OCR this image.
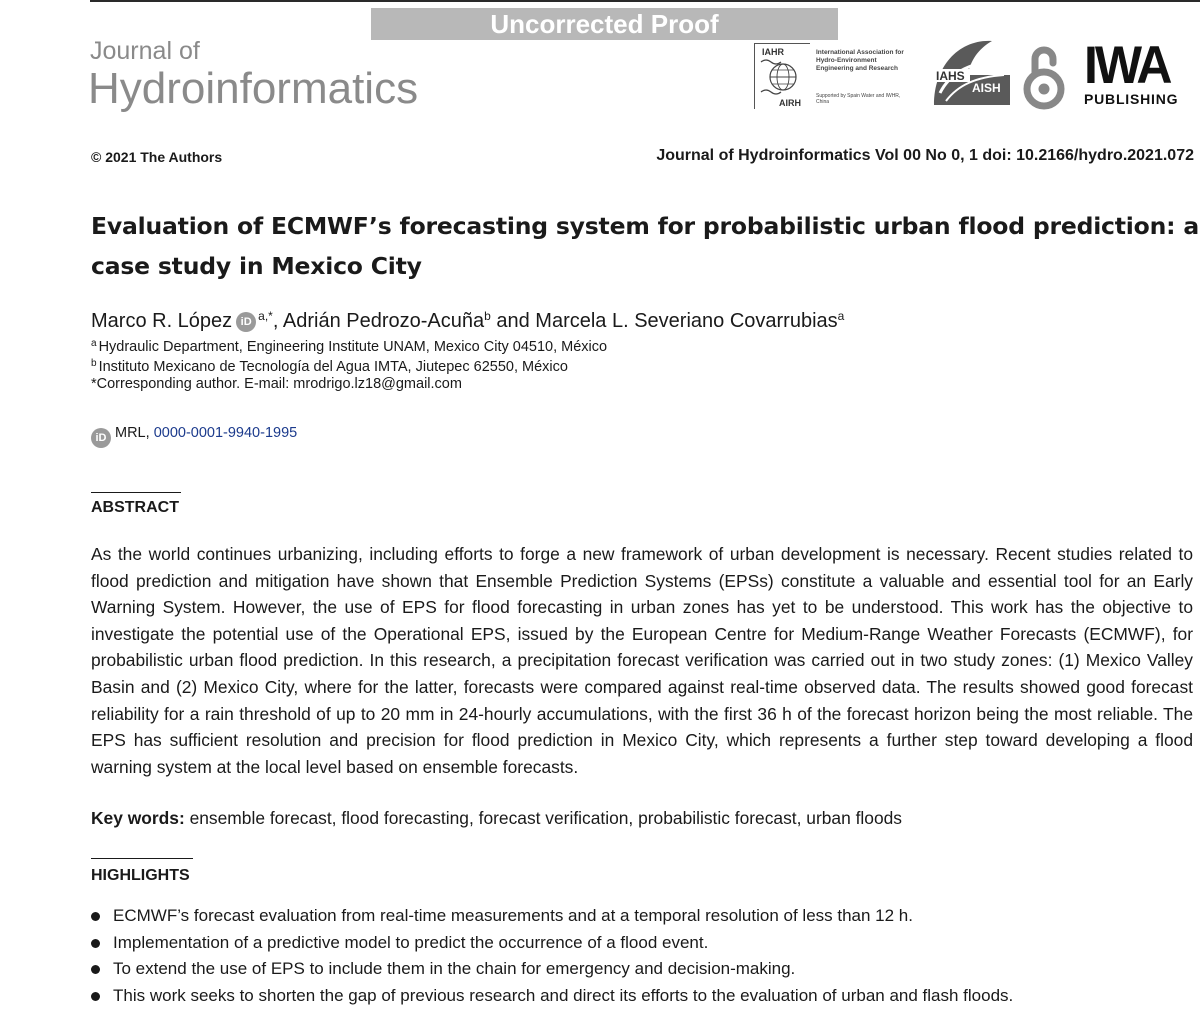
Uncorrected Proof
Journal of
Hydroinformatics
IAHR
AIRH
International Association for Hydro-Environment Engineering and Research
Supported by Spain Water and IWHR, China
IAHS
AISH IWA
PUBLISHING
© 2021 The Authors	Journal of Hydroinformatics Vol 00 No 0, 1 doi: 10.2166/hydro.2021.072
Evaluation of ECMWF’s forecasting system for probabilistic urban flood prediction: a case study in Mexico City
Marco R. López iD $^{a,*}$, Adrián Pedrozo-Acuña$^b$ and Marcela L. Severiano Covarrubias$^a$
$^a$ Hydraulic Department, Engineering Institute UNAM, Mexico City 04510, México
$^b$ Instituto Mexicano de Tecnología del Agua IMTA, Jiutepec 62550, México
*Corresponding author. E-mail: mrodrigo.lz18@gmail.com
iD MRL, 0000-0001-9940-1995
ABSTRACT
As the world continues urbanizing, including efforts to forge a new framework of urban development is necessary. Recent studies related to flood prediction and mitigation have shown that Ensemble Prediction Systems (EPSs) constitute a valuable and essential tool for an Early Warning System. However, the use of EPS for flood forecasting in urban zones has yet to be understood. This work has the objective to investigate the potential use of the Operational EPS, issued by the European Centre for Medium-Range Weather Forecasts (ECMWF), for probabilistic urban flood prediction. In this research, a precipitation forecast verification was carried out in two study zones: (1) Mexico Valley Basin and (2) Mexico City, where for the latter, forecasts were compared against real-time observed data. The results showed good forecast reliability for a rain threshold of up to 20 mm in 24-hourly accumulations, with the first 36 h of the forecast horizon being the most reliable. The EPS has sufficient resolution and precision for flood prediction in Mexico City, which represents a further step toward developing a flood warning system at the local level based on ensemble forecasts.
Key words: ensemble forecast, flood forecasting, forecast verification, probabilistic forecast, urban floods
HIGHLIGHTS
ECMWF’s forecast evaluation from real-time measurements and at a temporal resolution of less than 12 h.
Implementation of a predictive model to predict the occurrence of a flood event.
To extend the use of EPS to include them in the chain for emergency and decision-making.
This work seeks to shorten the gap of previous research and direct its efforts to the evaluation of urban and flash floods.
